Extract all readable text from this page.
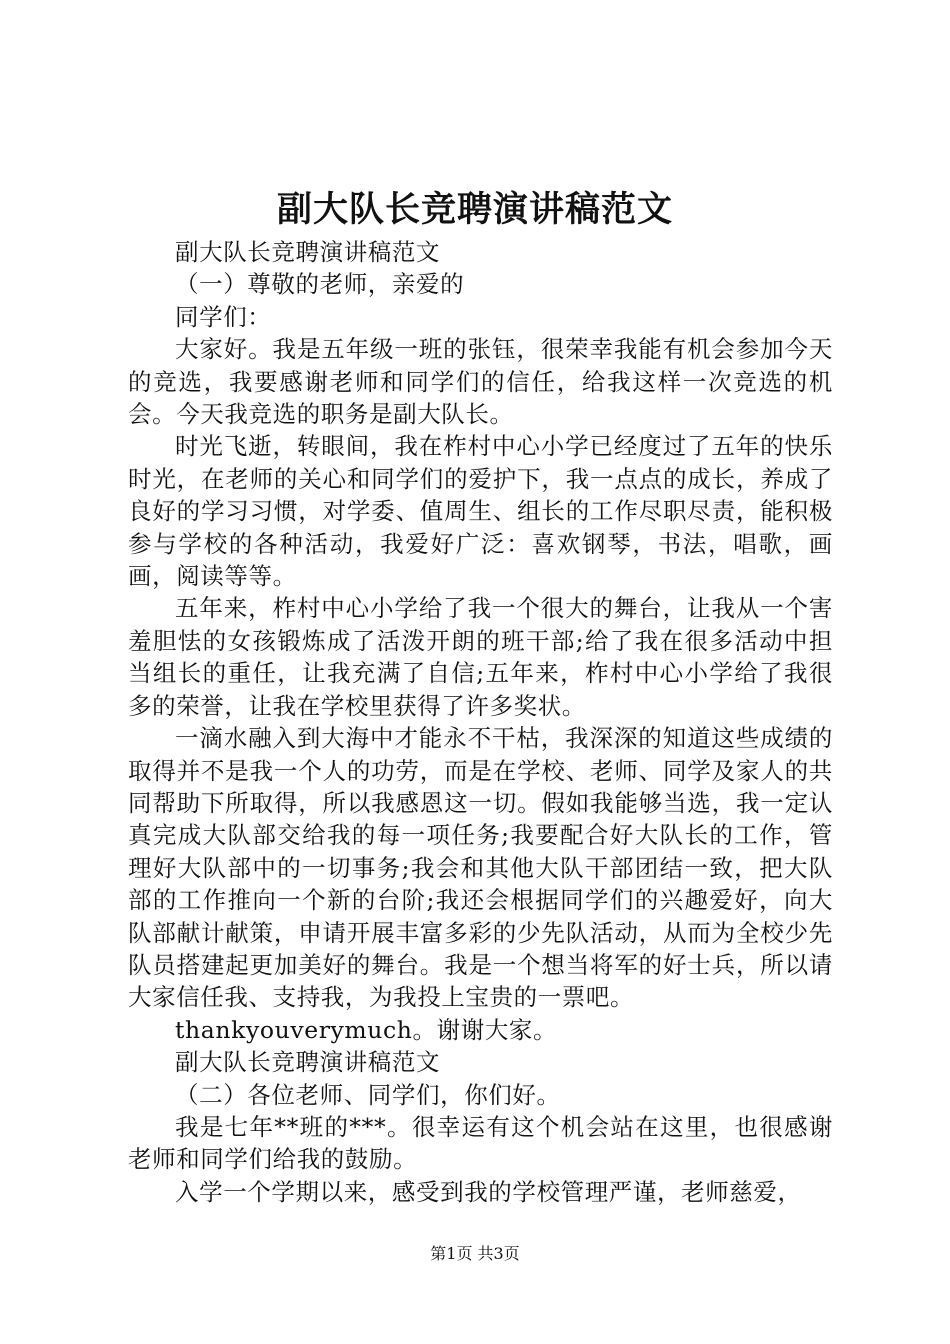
副大队长竞聘演讲稿范文

副大队长竞聘演讲稿范文

（一）尊敬的老师，亲爱的

同学们：

大家好。我是五年级一班的张钰，很荣幸我能有机会参加今天的竞选，我要感谢老师和同学们的信任，给我这样一次竞选的机会。今天我竞选的职务是副大队长。

时光飞逝，转眼间，我在柞村中心小学已经度过了五年的快乐时光，在老师的关心和同学们的爱护下，我一点点的成长，养成了良好的学习习惯，对学委、值周生、组长的工作尽职尽责，能积极参与学校的各种活动，我爱好广泛：喜欢钢琴，书法，唱歌，画画，阅读等等。

五年来，柞村中心小学给了我一个很大的舞台，让我从一个害羞胆怯的女孩锻炼成了活泼开朗的班干部;给了我在很多活动中担当组长的重任，让我充满了自信;五年来，柞村中心小学给了我很多的荣誉，让我在学校里获得了许多奖状。

一滴水融入到大海中才能永不干枯，我深深的知道这些成绩的取得并不是我一个人的功劳，而是在学校、老师、同学及家人的共同帮助下所取得，所以我感恩这一切。假如我能够当选，我一定认真完成大队部交给我的每一项任务;我要配合好大队长的工作，管理好大队部中的一切事务;我会和其他大队干部团结一致，把大队部的工作推向一个新的台阶;我还会根据同学们的兴趣爱好，向大队部献计献策，申请开展丰富多彩的少先队活动，从而为全校少先队员搭建起更加美好的舞台。我是一个想当将军的好士兵，所以请大家信任我、支持我，为我投上宝贵的一票吧。

thankyouverymuch。谢谢大家。

副大队长竞聘演讲稿范文

（二）各位老师、同学们，你们好。

我是七年**班的***。很幸运有这个机会站在这里，也很感谢老师和同学们给我的鼓励。

入学一个学期以来，感受到我的学校管理严谨，老师慈爱，

第1页 共3页
